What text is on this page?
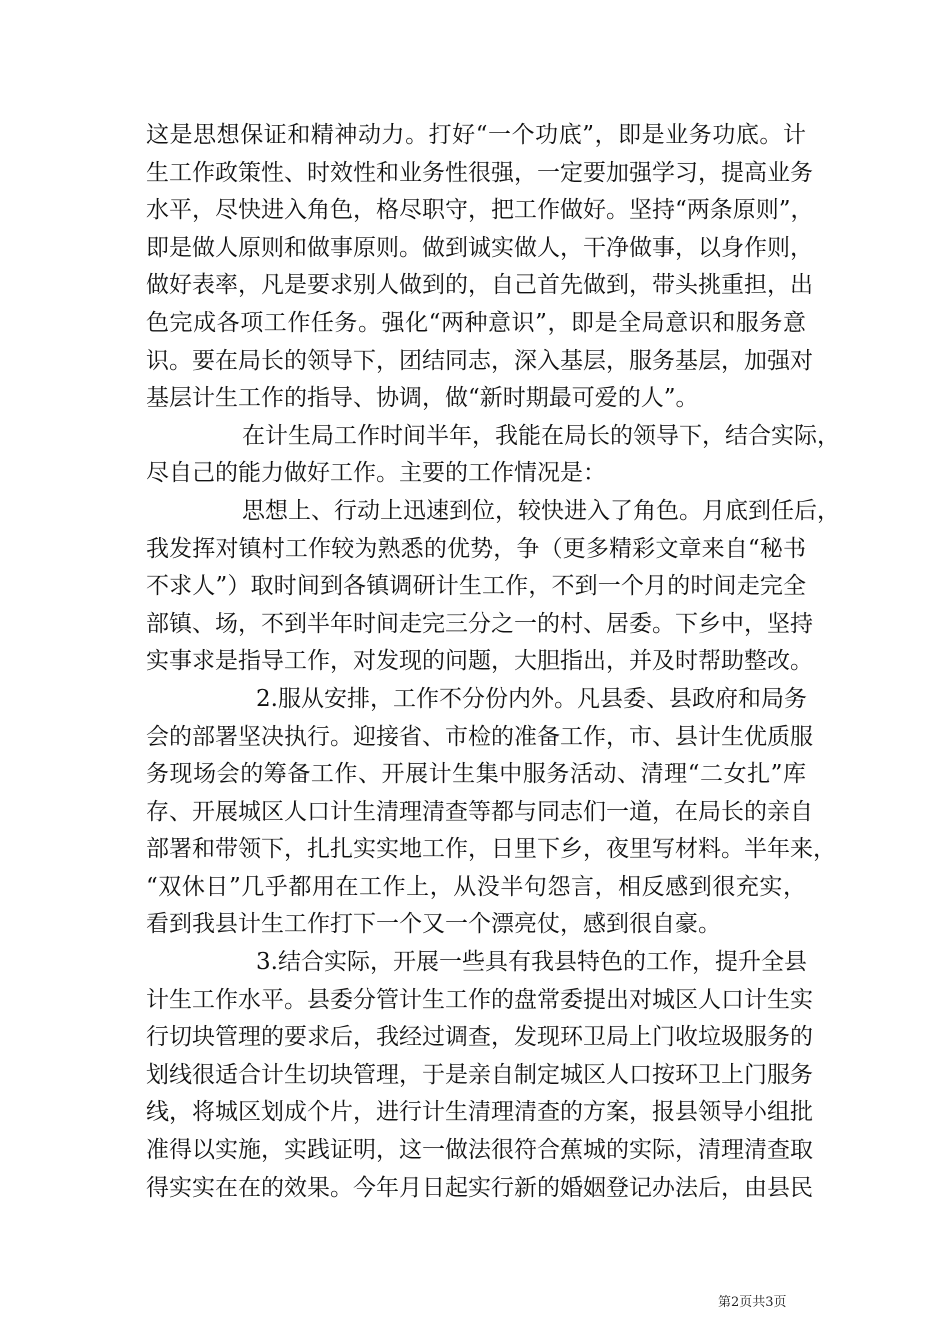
这是思想保证和精神动力。打好“一个功底”，即是业务功底。计
生工作政策性、时效性和业务性很强，一定要加强学习，提高业务
水平，尽快进入角色，格尽职守，把工作做好。坚持“两条原则”，
即是做人原则和做事原则。做到诚实做人，干净做事，以身作则，
做好表率，凡是要求别人做到的，自己首先做到，带头挑重担，出
色完成各项工作任务。强化“两种意识”，即是全局意识和服务意
识。要在局长的领导下，团结同志，深入基层，服务基层，加强对
基层计生工作的指导、协调，做“新时期最可爱的人”。
在计生局工作时间半年，我能在局长的领导下，结合实际，
尽自己的能力做好工作。主要的工作情况是：
思想上、行动上迅速到位，较快进入了角色。月底到任后，
我发挥对镇村工作较为熟悉的优势，争（更多精彩文章来自“秘书
不求人”）取时间到各镇调研计生工作，不到一个月的时间走完全
部镇、场，不到半年时间走完三分之一的村、居委。下乡中，坚持
实事求是指导工作，对发现的问题，大胆指出，并及时帮助整改。
2.服从安排，工作不分份内外。凡县委、县政府和局务
会的部署坚决执行。迎接省、市检的准备工作，市、县计生优质服
务现场会的筹备工作、开展计生集中服务活动、清理“二女扎”库
存、开展城区人口计生清理清查等都与同志们一道，在局长的亲自
部署和带领下，扎扎实实地工作，日里下乡，夜里写材料。半年来，
“双休日”几乎都用在工作上，从没半句怨言，相反感到很充实，
看到我县计生工作打下一个又一个漂亮仗，感到很自豪。
3.结合实际，开展一些具有我县特色的工作，提升全县
计生工作水平。县委分管计生工作的盘常委提出对城区人口计生实
行切块管理的要求后，我经过调查，发现环卫局上门收垃圾服务的
划线很适合计生切块管理，于是亲自制定城区人口按环卫上门服务
线，将城区划成个片，进行计生清理清查的方案，报县领导小组批
准得以实施，实践证明，这一做法很符合蕉城的实际，清理清查取
得实实在在的效果。今年月日起实行新的婚姻登记办法后，由县民
第2页共3页
